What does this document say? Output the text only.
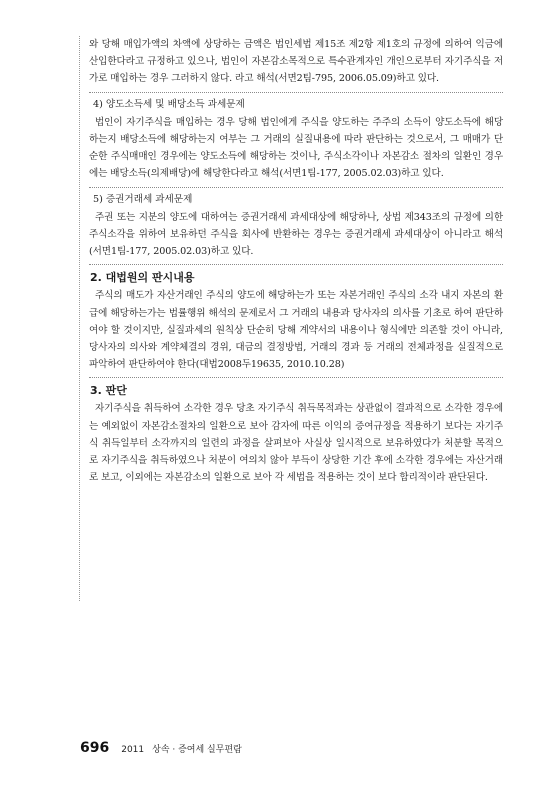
와 당해 매입가액의 차액에 상당하는 금액은 법인세법 제15조 제2항 제1호의 규정에 의하여 익금에 산입한다라고 규정하고 있으나, 법인이 자본감소목적으로 특수관계자인 개인으로부터 자기주식을 저가로 매입하는 경우 그러하지 않다. 라고 해석(서면2팀-795, 2006.05.09)하고 있다.

4) 양도소득세 및 배당소득 과세문제

법인이 자기주식을 매입하는 경우 당해 법인에게 주식을 양도하는 주주의 소득이 양도소득에 해당하는지 배당소득에 해당하는지 여부는 그 거래의 실질내용에 따라 판단하는 것으로서, 그 매매가 단순한 주식매매인 경우에는 양도소득에 해당하는 것이나, 주식소각이나 자본감소 절차의 일환인 경우에는 배당소득(의제배당)에 해당한다라고 해석(서면1팀-177, 2005.02.03)하고 있다.

5) 증권거래세 과세문제

주권 또는 지분의 양도에 대하여는 증권거래세 과세대상에 해당하나, 상법 제343조의 규정에 의한 주식소각을 위하여 보유하던 주식을 회사에 반환하는 경우는 증권거래세 과세대상이 아니라고 해석(서면1팀-177, 2005.02.03)하고 있다.

2. 대법원의 판시내용

주식의 매도가 자산거래인 주식의 양도에 해당하는가 또는 자본거래인 주식의 소각 내지 자본의 환급에 해당하는가는 법률행위 해석의 문제로서 그 거래의 내용과 당사자의 의사를 기초로 하여 판단하여야 할 것이지만, 실질과세의 원칙상 단순히 당해 계약서의 내용이나 형식에만 의존할 것이 아니라, 당사자의 의사와 계약체결의 경위, 대금의 결정방법, 거래의 경과 등 거래의 전체과정을 실질적으로 파악하여 판단하여야 한다(대법2008두19635, 2010.10.28)

3. 판단

자기주식을 취득하여 소각한 경우 당초 자기주식 취득목적과는 상관없이 결과적으로 소각한 경우에는 예외없이 자본감소절차의 일환으로 보아 감자에 따른 이익의 증여규정을 적용하기 보다는 자기주식 취득일부터 소각까지의 일련의 과정을 살펴보아 사실상 일시적으로 보유하였다가 처분할 목적으로 자기주식을 취득하였으나 처분이 여의치 않아 부득이 상당한 기간 후에 소각한 경우에는 자산거래로 보고, 이외에는 자본감소의 일환으로 보아 각 세법을 적용하는 것이 보다 합리적이라 판단된다.

696 2011 상속 · 증여세 실무편람
